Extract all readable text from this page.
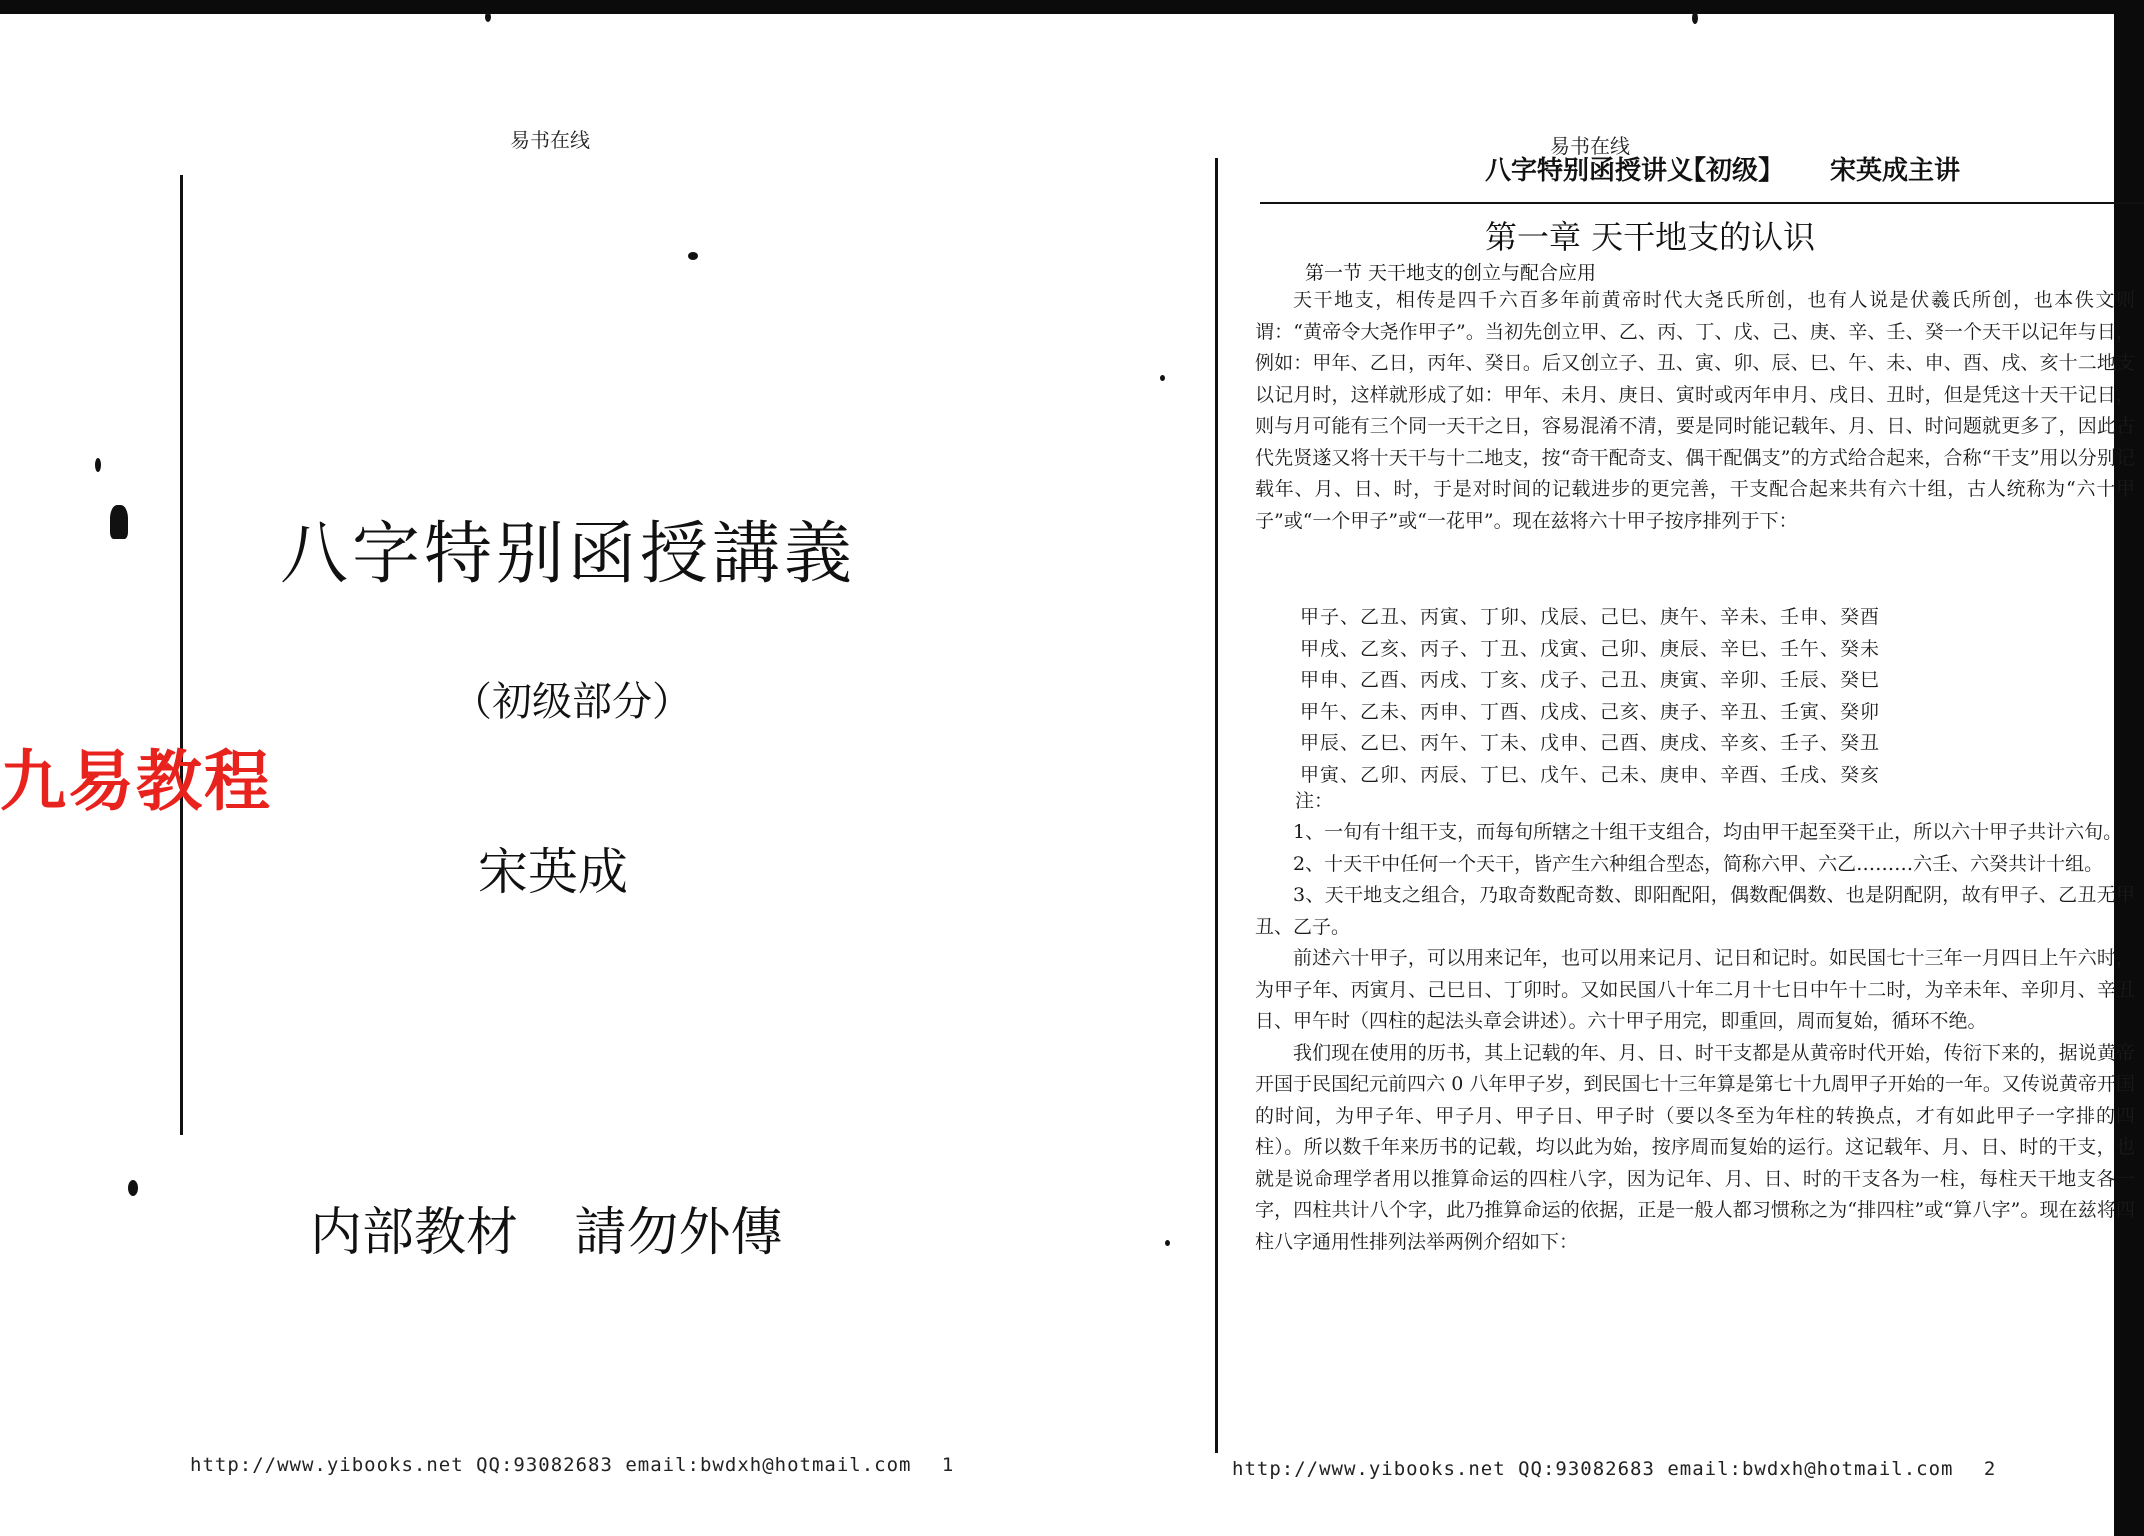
易书在线
八字特别函授講義
（初级部分）
宋英成
内部教材 請勿外傳
九易教程
http://www.yibooks.net QQ:93082683 email:bwdxh@hotmail.com 1
易书在线
八字特别函授讲义
【初级】 宋英成主讲
第一章 天干地支的认识
第一节 天干地支的创立与配合应用

天干地支，相传是四千六百多年前黄帝时代大尧氏所创，也有人说是伏羲氏所创，也本佚文则谓：“黄帝令大尧作甲子”。当初先创立甲、乙、丙、丁、戊、己、庚、辛、壬、癸一个天干以记年与日，例如：甲年、乙日，丙年、癸日。后又创立子、丑、寅、卯、辰、巳、午、未、申、酉、戌、亥十二地支以记月时，这样就形成了如：甲年、未月、庚日、寅时或丙年申月、戌日、丑时，但是凭这十天干记日，则与月可能有三个同一天干之日，容易混淆不清，要是同时能记载年、月、日、时问题就更多了，因此古代先贤遂又将十天干与十二地支，按“奇干配奇支、偶干配偶支”的方式给合起来，合称“干支”用以分别记载年、月、日、时，于是对时间的记载进步的更完善，干支配合起来共有六十组，古人统称为“六十甲子”或“一个甲子”或“一花甲”。现在兹将六十甲子按序排列于下：

甲子、乙丑、丙寅、丁卯、戊辰、己巳、庚午、辛未、壬申、癸酉
甲戌、乙亥、丙子、丁丑、戊寅、己卯、庚辰、辛巳、壬午、癸未
甲申、乙酉、丙戌、丁亥、戊子、己丑、庚寅、辛卯、壬辰、癸巳
甲午、乙未、丙申、丁酉、戊戌、己亥、庚子、辛丑、壬寅、癸卯
甲辰、乙巳、丙午、丁未、戊申、己酉、庚戌、辛亥、壬子、癸丑
甲寅、乙卯、丙辰、丁巳、戊午、己未、庚申、辛酉、壬戌、癸亥
注：

1、一旬有十组干支，而每旬所辖之十组干支组合，均由甲干起至癸干止，所以六十甲子共计六旬。

2、十天干中任何一个天干，皆产生六种组合型态，简称六甲、六乙………六壬、六癸共计十组。

3、天干地支之组合，乃取奇数配奇数、即阳配阳，偶数配偶数、也是阴配阴，故有甲子、乙丑无甲丑、乙子。

前述六十甲子，可以用来记年，也可以用来记月、记日和记时。如民国七十三年一月四日上午六时，为甲子年、丙寅月、己巳日、丁卯时。又如民国八十年二月十七日中午十二时，为辛未年、辛卯月、辛丑日、甲午时（四柱的起法头章会讲述）。六十甲子用完，即重回，周而复始，循环不绝。

我们现在使用的历书，其上记载的年、月、日、时干支都是从黄帝时代开始，传衍下来的，据说黄帝开国于民国纪元前四六 0 八年甲子岁，到民国七十三年算是第七十九周甲子开始的一年。又传说黄帝开国的时间，为甲子年、甲子月、甲子日、甲子时（要以冬至为年柱的转换点，才有如此甲子一字排的四柱）。所以数千年来历书的记载，均以此为始，按序周而复始的运行。这记载年、月、日、时的干支，也就是说命理学者用以推算命运的四柱八字，因为记年、月、日、时的干支各为一柱，每柱天干地支各一字，四柱共计八个字，此乃推算命运的依据，正是一般人都习惯称之为“排四柱”或“算八字”。现在兹将四柱八字通用性排列法举两例介绍如下：

http://www.yibooks.net QQ:93082683 email:bwdxh@hotmail.com 2
